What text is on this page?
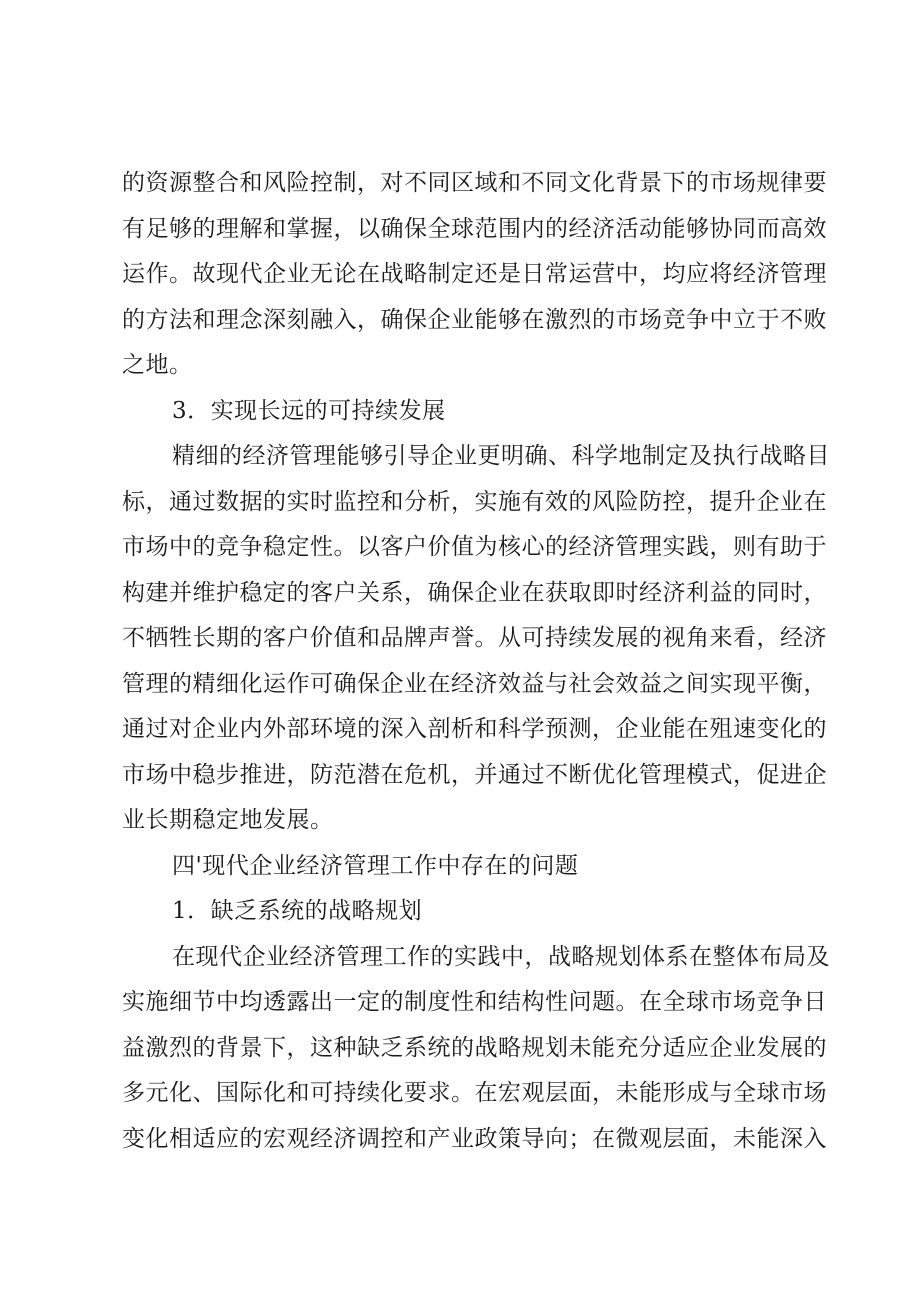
的资源整合和风险控制，对不同区域和不同文化背景下的市场规律要
有足够的理解和掌握，以确保全球范围内的经济活动能够协同而高效
运作。故现代企业无论在战略制定还是日常运营中，均应将经济管理
的方法和理念深刻融入，确保企业能够在激烈的市场竞争中立于不败
之地。
3．实现长远的可持续发展
精细的经济管理能够引导企业更明确、科学地制定及执行战略目
标，通过数据的实时监控和分析，实施有效的风险防控，提升企业在
市场中的竞争稳定性。以客户价值为核心的经济管理实践，则有助于
构建并维护稳定的客户关系，确保企业在获取即时经济利益的同时，
不牺牲长期的客户价值和品牌声誉。从可持续发展的视角来看，经济
管理的精细化运作可确保企业在经济效益与社会效益之间实现平衡，
通过对企业内外部环境的深入剖析和科学预测，企业能在殂速变化的
市场中稳步推进，防范潜在危机，并通过不断优化管理模式，促进企
业长期稳定地发展。
四'现代企业经济管理工作中存在的问题
1．缺乏系统的战略规划
在现代企业经济管理工作的实践中，战略规划体系在整体布局及
实施细节中均透露出一定的制度性和结构性问题。在全球市场竞争日
益激烈的背景下，这种缺乏系统的战略规划未能充分适应企业发展的
多元化、国际化和可持续化要求。在宏观层面，未能形成与全球市场
变化相适应的宏观经济调控和产业政策导向；在微观层面，未能深入
